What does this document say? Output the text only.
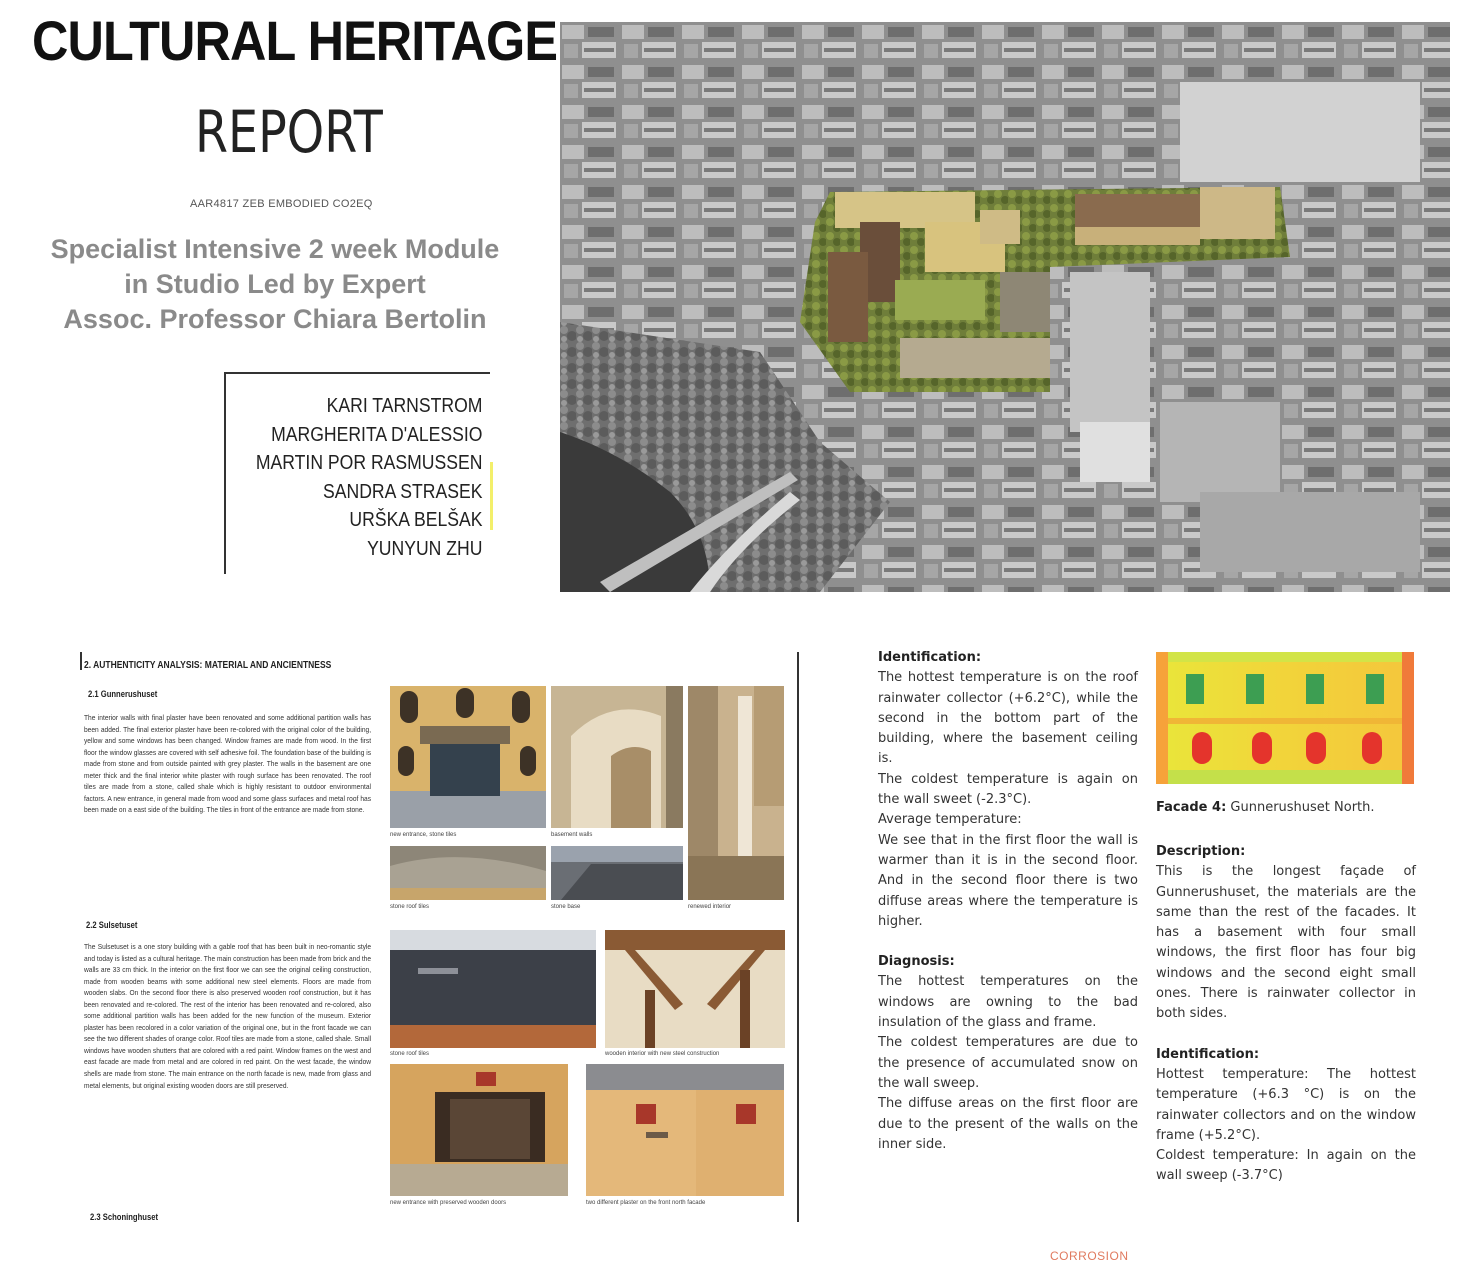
CULTURAL HERITAGE
REPORT
AAR4817 ZEB EMBODIED CO2EQ
Specialist Intensive 2 week Module
in Studio Led by Expert
Assoc. Professor Chiara Bertolin
KARI TARNSTROM
MARGHERITA D'ALESSIO
MARTIN POR RASMUSSEN
SANDRA STRASEK
URŠKA BELŠAK
YUNYUN ZHU
2. AUTHENTICITY ANALYSIS: MATERIAL AND ANCIENTNESS
2.1 Gunnerushuset
The interior walls with final plaster have been renovated and some additional partition walls has been added. The final exterior plaster have been re-colored with the original color of the building, yellow and some windows has been changed. Window frames are made from wood. In the first floor the window glasses are covered with self adhesive foil. The foundation base of the building is made from stone and from outside painted with grey plaster. The walls in the basement are one meter thick and the final interior white plaster with rough surface has been renovated. The roof tiles are made from a stone, called shale which is highly resistant to outdoor environmental factors. A new entrance, in general made from wood and some glass surfaces and metal roof has been made on a east side of the building. The tiles in front of the entrance are made from stone.
2.2 Sulsetuset
The Sulsetuset is a one story building with a gable roof that has been built in neo-romantic style and today is listed as a cultural heritage. The main construction has been made from brick and the walls are 33 cm thick. In the interior on the first floor we can see the original ceiling construction, made from wooden beams with some additional new steel elements. Floors are made from wooden slabs. On the second floor there is also preserved wooden roof construction, but it has been renovated and re-colored. The rest of the interior has been renovated and re-colored, also some additional partition walls has been added for the new function of the museum. Exterior plaster has been recolored in a color variation of the original one, but in the front facade we can see the two different shades of orange color. Roof tiles are made from a stone, called shale. Small windows have wooden shutters that are colored with a red paint. Window frames on the west and east facade are made from metal and are colored in red paint. On the west facade, the window shells are made from stone. The main entrance on the north facade is new, made from glass and metal elements, but original existing wooden doors are still preserved.
2.3 Schoninghuset
new entrance, stone tiles	basement walls
stone roof tiles	stone base	renewed interior
stone roof tiles	wooden interior with new steel construction
new entrance with preserved wooden doors	two different plaster on the front north facade
Identification:
The hottest temperature is on the roof rainwater collector (+6.2°C), while the second in the bottom part of the building, where the basement ceiling is.
The coldest temperature is again on the wall sweet (-2.3°C).
Average temperature:
We see that in the first floor the wall is warmer than it is in the second floor. And in the second floor there is two diffuse areas where the temperature is higher.
Diagnosis:
The hottest temperatures on the windows are owning to the bad insulation of the glass and frame.
The coldest temperatures are due to the presence of accumulated snow on the wall sweep.
The diffuse areas on the first floor are due to the present of the walls on the inner side.
Facade 4: Gunnerushuset North.
Description:
This is the longest façade of Gunnerushuset, the materials are the same than the rest of the facades. It has a basement with four small windows, the first floor has four big windows and the second eight small ones. There is rainwater collector in both sides.
Identification:
Hottest temperature: The hottest temperature (+6.3 °C) is on the rainwater collectors and on the window frame (+5.2°C).
Coldest temperature: In again on the wall sweep (-3.7°C)
CORROSION
